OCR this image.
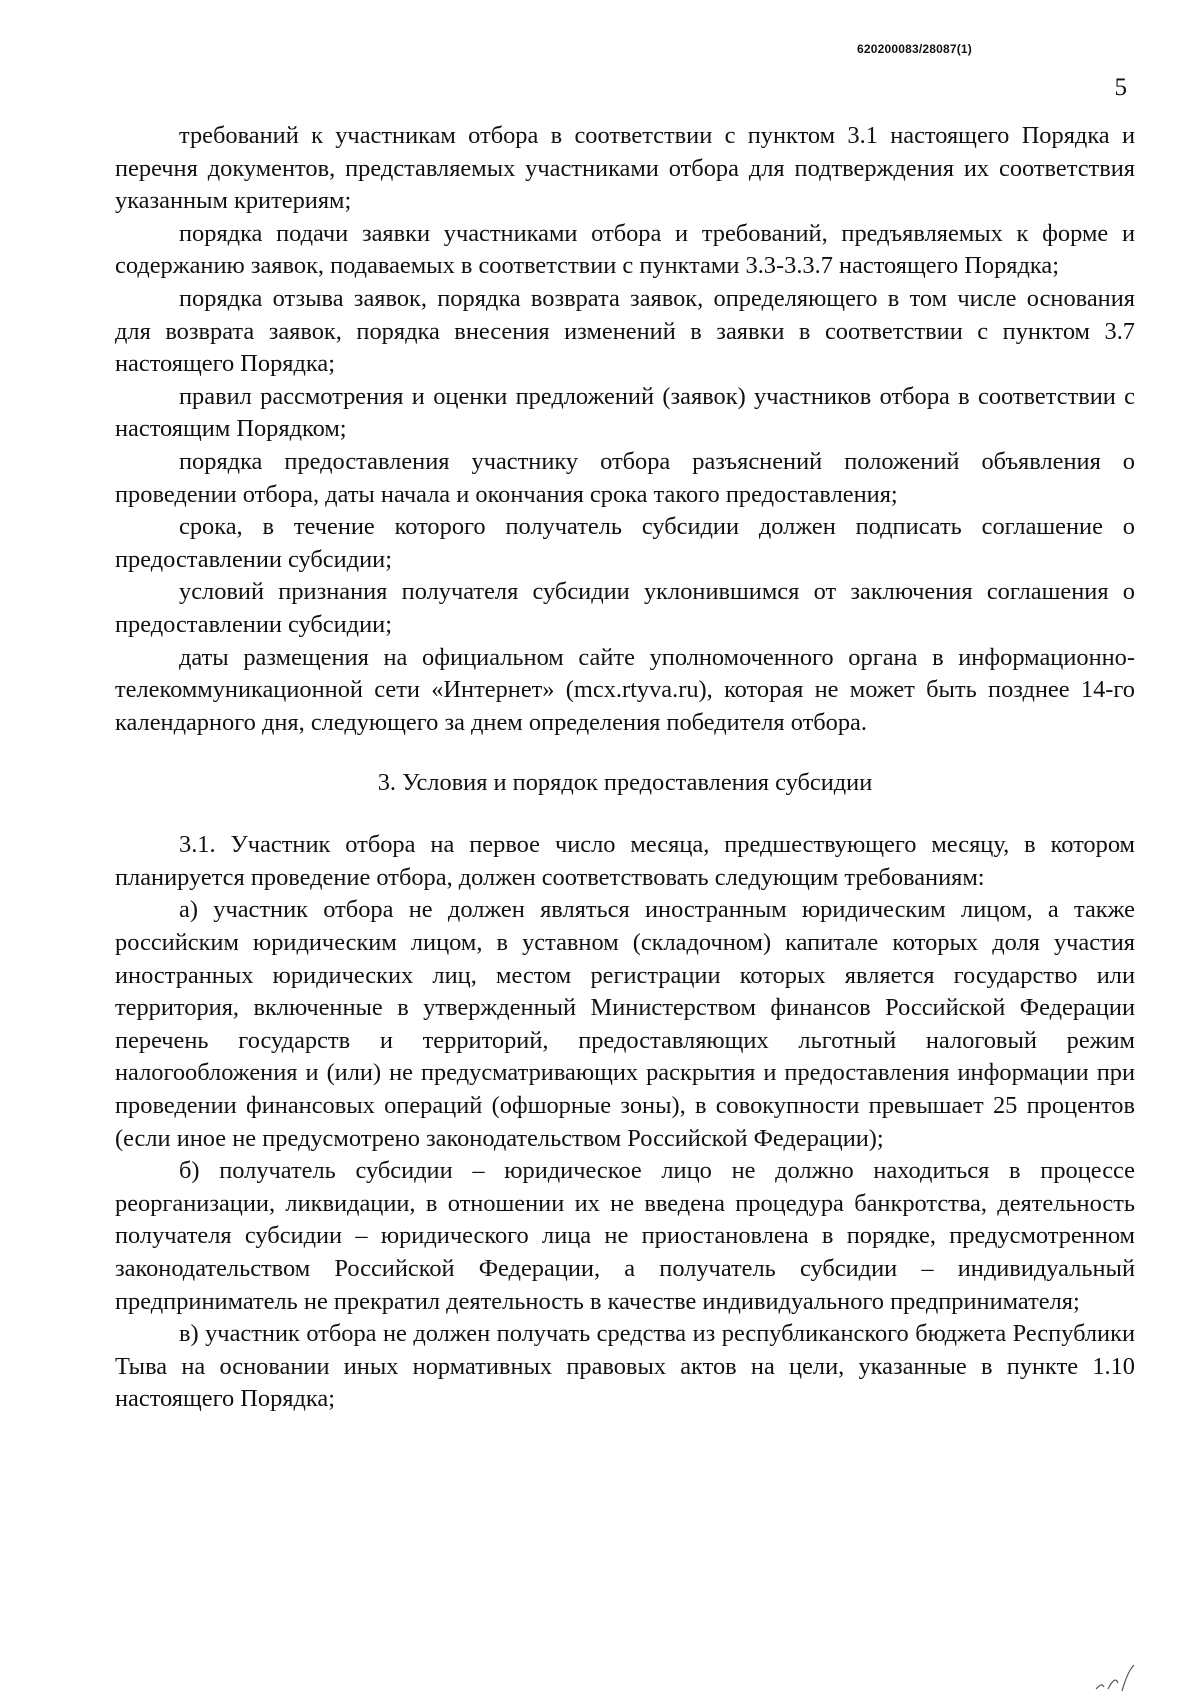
620200083/28087(1)
5

требований к участникам отбора в соответствии с пунктом 3.1 настоящего Порядка и перечня документов, представляемых участниками отбора для подтверждения их соответствия указанным критериям;

порядка подачи заявки участниками отбора и требований, предъявляемых к форме и содержанию заявок, подаваемых в соответствии с пунктами 3.3-3.3.7 настоящего Порядка;

порядка отзыва заявок, порядка возврата заявок, определяющего в том числе основания для возврата заявок, порядка внесения изменений в заявки в соответствии с пунктом 3.7 настоящего Порядка;

правил рассмотрения и оценки предложений (заявок) участников отбора в соответствии с настоящим Порядком;

порядка предоставления участнику отбора разъяснений положений объявления о проведении отбора, даты начала и окончания срока такого предоставления;

срока, в течение которого получатель субсидии должен подписать соглашение о предоставлении субсидии;

условий признания получателя субсидии уклонившимся от заключения соглашения о предоставлении субсидии;

даты размещения на официальном сайте уполномоченного органа в информационно-телекоммуникационной сети «Интернет» (mcx.rtyva.ru), которая не может быть позднее 14-го календарного дня, следующего за днем определения победителя отбора.

3. Условия и порядок предоставления субсидии

3.1. Участник отбора на первое число месяца, предшествующего месяцу, в котором планируется проведение отбора, должен соответствовать следующим требованиям:

а) участник отбора не должен являться иностранным юридическим лицом, а также российским юридическим лицом, в уставном (складочном) капитале которых доля участия иностранных юридических лиц, местом регистрации которых является государство или территория, включенные в утвержденный Министерством финансов Российской Федерации перечень государств и территорий, предоставляющих льготный налоговый режим налогообложения и (или) не предусматривающих раскрытия и предоставления информации при проведении финансовых операций (офшорные зоны), в совокупности превышает 25 процентов (если иное не предусмотрено законодательством Российской Федерации);

б) получатель субсидии – юридическое лицо не должно находиться в процессе реорганизации, ликвидации, в отношении их не введена процедура банкротства, деятельность получателя субсидии – юридического лица не приостановлена в порядке, предусмотренном законодательством Российской Федерации, а получатель субсидии – индивидуальный предприниматель не прекратил деятельность в качестве индивидуального предпринимателя;

в) участник отбора не должен получать средства из республиканского бюджета Республики Тыва на основании иных нормативных правовых актов на цели, указанные в пункте 1.10 настоящего Порядка;
